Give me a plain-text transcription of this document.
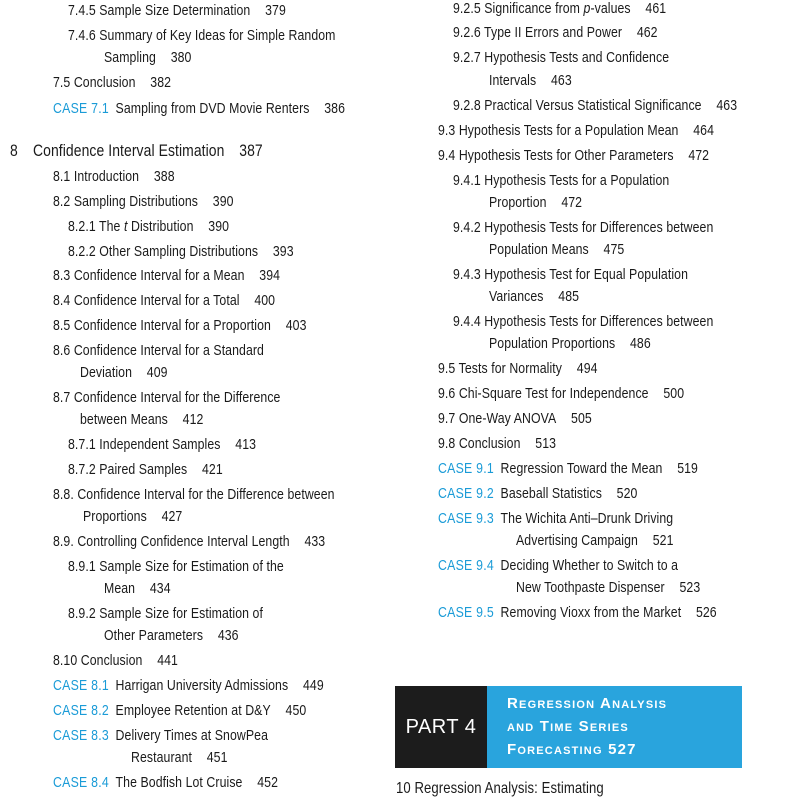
7.4.5 Sample Size Determination 379
7.4.6 Summary of Key Ideas for Simple Random
Sampling 380
7.5 Conclusion 382
CASE 7.1 Sampling from DVD Movie Renters 386
8 Confidence Interval Estimation 387
8.1 Introduction 388
8.2 Sampling Distributions 390
8.2.1 The t Distribution 390
8.2.2 Other Sampling Distributions 393
8.3 Confidence Interval for a Mean 394
8.4 Confidence Interval for a Total 400
8.5 Confidence Interval for a Proportion 403
8.6 Confidence Interval for a Standard
Deviation 409
8.7 Confidence Interval for the Difference
between Means 412
8.7.1 Independent Samples 413
8.7.2 Paired Samples 421
8.8. Confidence Interval for the Difference between
Proportions 427
8.9. Controlling Confidence Interval Length 433
8.9.1 Sample Size for Estimation of the
Mean 434
8.9.2 Sample Size for Estimation of
Other Parameters 436
8.10 Conclusion 441
CASE 8.1 Harrigan University Admissions 449
CASE 8.2 Employee Retention at D&Y 450
CASE 8.3 Delivery Times at SnowPea
Restaurant 451
CASE 8.4 The Bodfish Lot Cruise 452
9.2.5 Significance from p-values 461
9.2.6 Type II Errors and Power 462
9.2.7 Hypothesis Tests and Confidence
Intervals 463
9.2.8 Practical Versus Statistical Significance 463
9.3 Hypothesis Tests for a Population Mean 464
9.4 Hypothesis Tests for Other Parameters 472
9.4.1 Hypothesis Tests for a Population
Proportion 472
9.4.2 Hypothesis Tests for Differences between
Population Means 475
9.4.3 Hypothesis Test for Equal Population
Variances 485
9.4.4 Hypothesis Tests for Differences between
Population Proportions 486
9.5 Tests for Normality 494
9.6 Chi-Square Test for Independence 500
9.7 One-Way ANOVA 505
9.8 Conclusion 513
CASE 9.1 Regression Toward the Mean 519
CASE 9.2 Baseball Statistics 520
CASE 9.3 The Wichita Anti–Drunk Driving
Advertising Campaign 521
CASE 9.4 Deciding Whether to Switch to a
New Toothpaste Dispenser 523
CASE 9.5 Removing Vioxx from the Market 526
PART 4
Regression Analysis
and Time Series
Forecasting 527
10 Regression Analysis: Estimating
